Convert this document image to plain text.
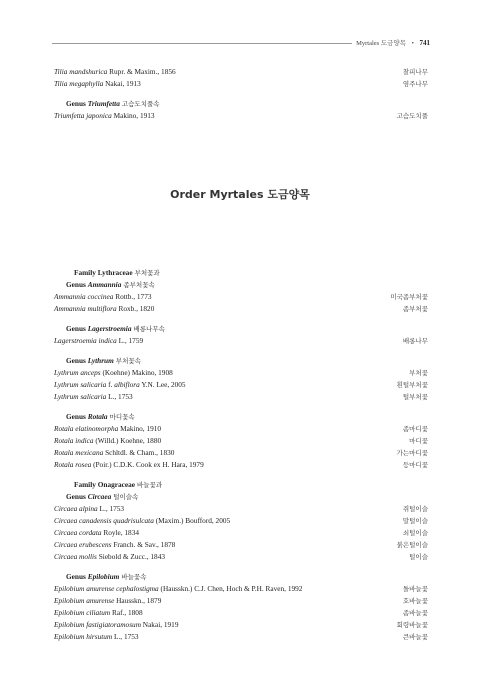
Myrtales 도금양목 • 741
Tilia mandshurica Rupr. & Maxim., 1856	찰피나무
Tilia megaphylla Nakai, 1913	염주나무
Genus Triumfetta 고슴도치풀속
Triumfetta japonica Makino, 1913	고슴도치풀
Order Myrtales 도금양목
Family Lythraceae 부처꽃과
Genus Ammannia 좀부처꽃속
Ammannia coccinea Rottb., 1773	미국좀부처꽃
Ammannia multiflora Roxb., 1820	좀부처꽃
Genus Lagerstroemia 배롱나무속
Lagerstroemia indica L., 1759	배롱나무
Genus Lythrum 부처꽃속
Lythrum anceps (Koehne) Makino, 1908	부처꽃
Lythrum salicaria f. albiflora Y.N. Lee, 2005	흰털부처꽃
Lythrum salicaria L., 1753	털부처꽃
Genus Rotala 마디꽃속
Rotala elatinomorpha Makino, 1910	좀마디꽃
Rotala indica (Willd.) Koehne, 1880	마디꽃
Rotala mexicana Schltdl. & Cham., 1830	가는마디꽃
Rotala rosea (Poir.) C.D.K. Cook ex H. Hara, 1979	등마디꽃
Family Onagraceae 바늘꽃과
Genus Circaea 털이슬속
Circaea alpina L., 1753	쥐털이슬
Circaea canadensis quadrisulcata (Maxim.) Boufford, 2005	말털이슬
Circaea cordata Royle, 1834	쇠털이슬
Circaea erubescens Franch. & Sav., 1878	붉은털이슬
Circaea mollis Siebold & Zucc., 1843	털이슬
Genus Epilobium 바늘꽃속
Epilobium amurense cephalostigma (Hausskn.) C.J. Chen, Hoch & P.H. Raven, 1992	돌바늘꽃
Epilobium amurense Hausskn., 1879	호바늘꽃
Epilobium ciliatum Raf., 1808	좀바늘꽃
Epilobium fastigiatoramosum Nakai, 1919	회령바늘꽃
Epilobium hirsutum L., 1753	큰바늘꽃
